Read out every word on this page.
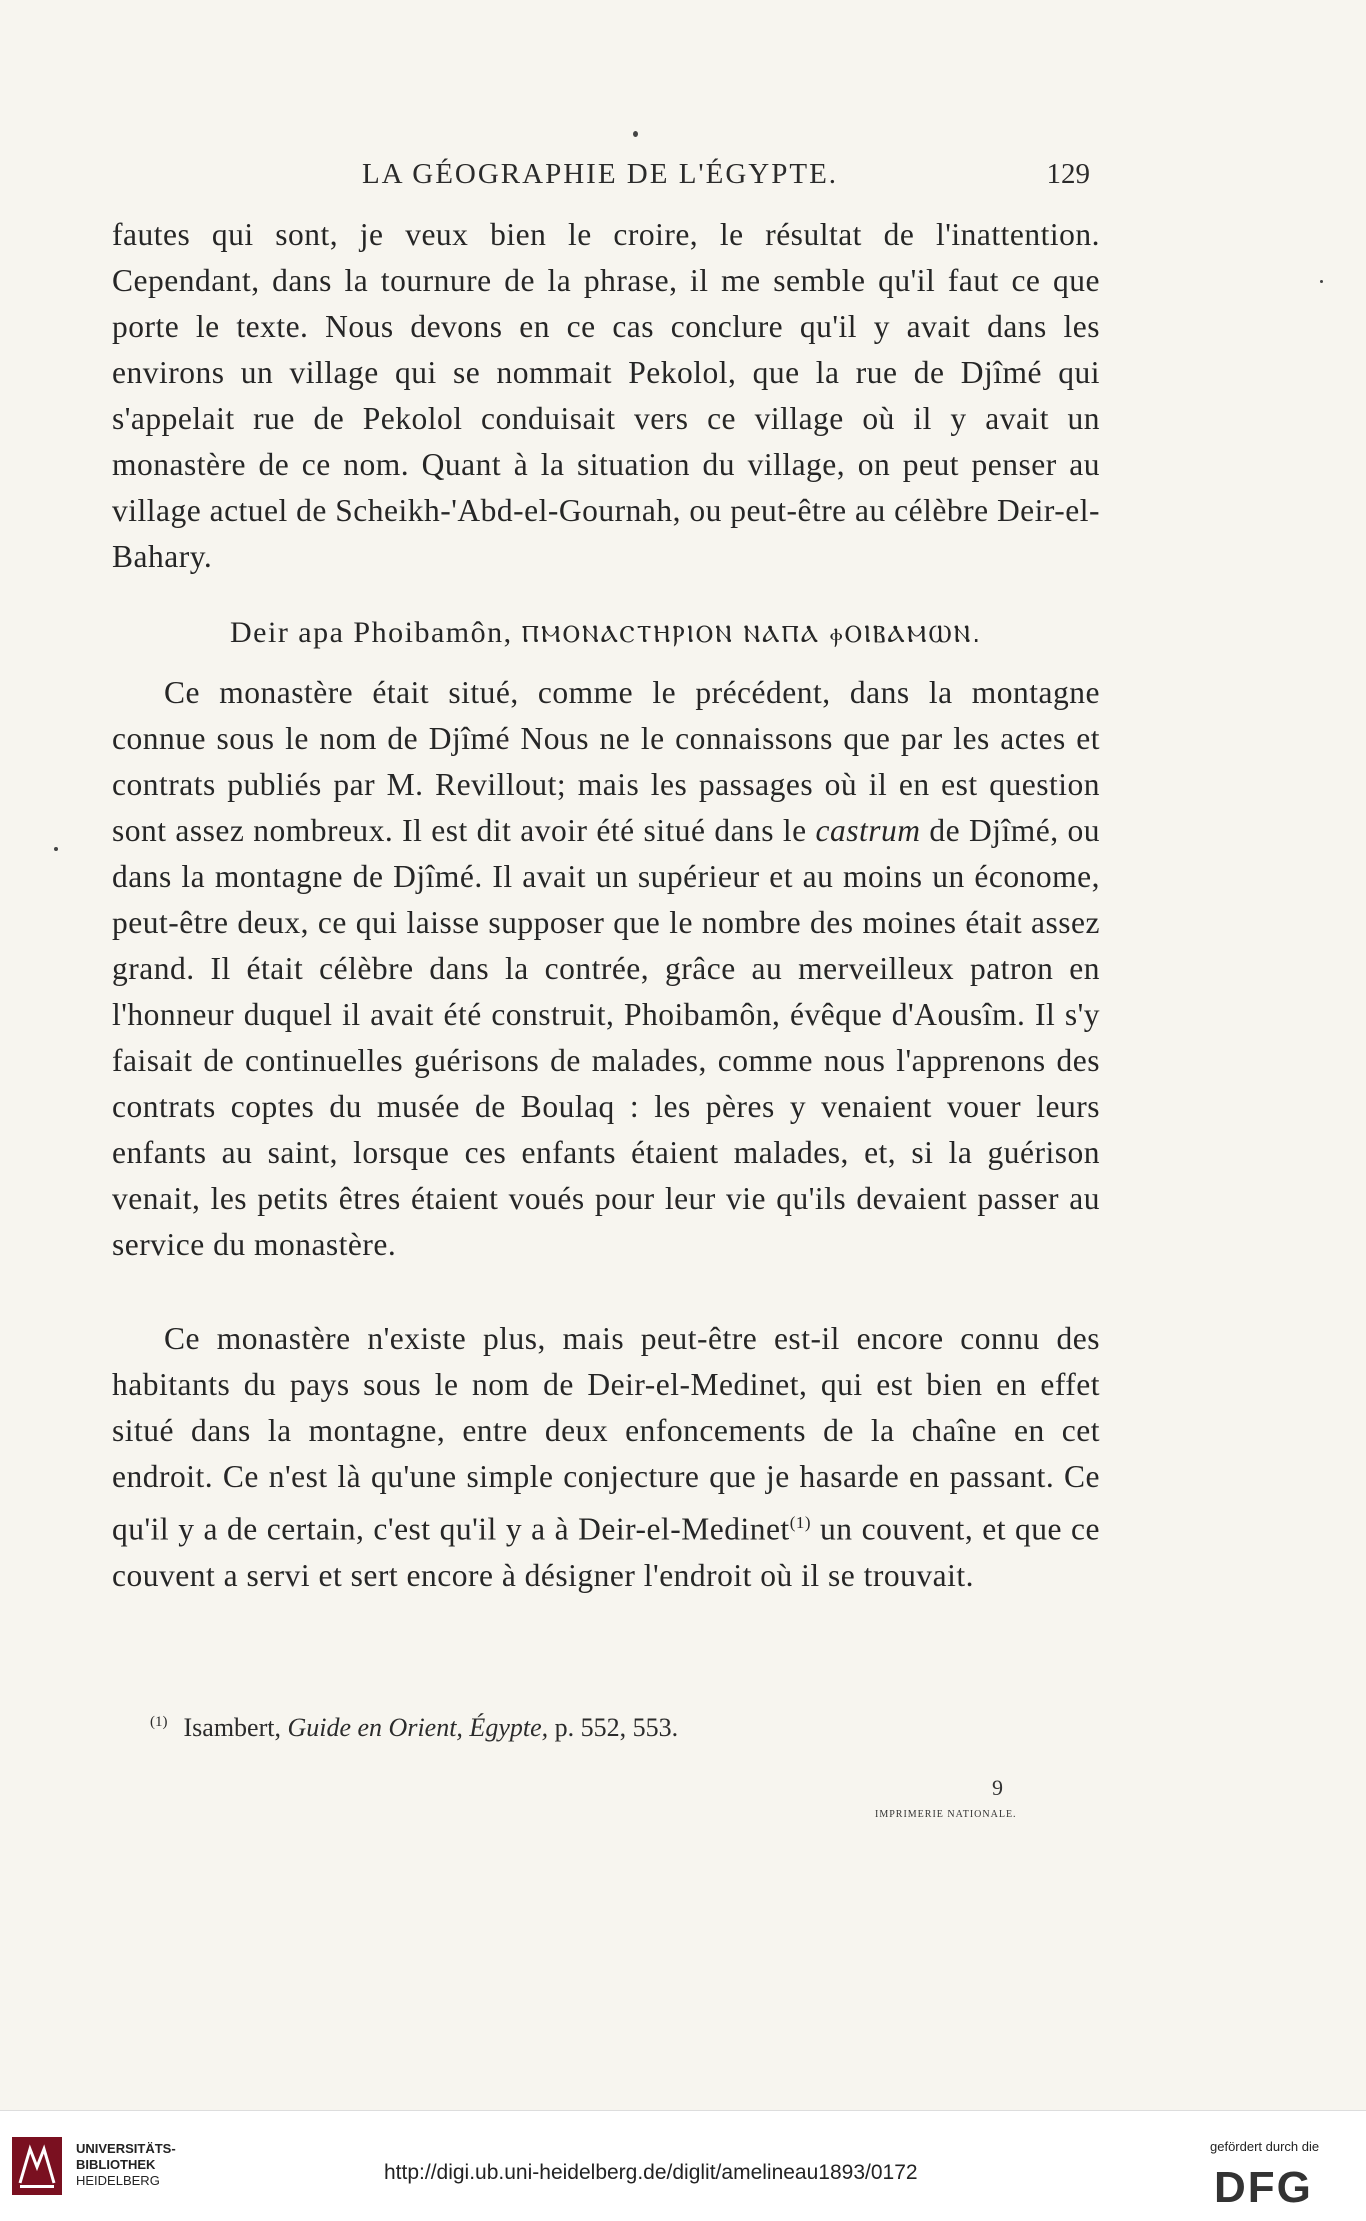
LA GÉOGRAPHIE DE L'ÉGYPTE.	129

fautes qui sont, je veux bien le croire, le résultat de l'inattention. Cependant, dans la tournure de la phrase, il me semble qu'il faut ce que porte le texte. Nous devons en ce cas conclure qu'il y avait dans les environs un village qui se nommait Pekolol, que la rue de Djîmé qui s'appelait rue de Pekolol conduisait vers ce village où il y avait un monastère de ce nom. Quant à la situation du village, on peut penser au village actuel de Scheikh-'Abd-el-Gournah, ou peut-être au célèbre Deir-el-Bahary.

Deir apa Phoibamôn, ⲠⲘⲞⲚⲀⲤⲦⲎⲢⲒⲞⲚ ⲚⲀⲠⲀ ⲫⲞⲒⲂⲀⲘⲰⲚ.

Ce monastère était situé, comme le précédent, dans la montagne connue sous le nom de Djîmé Nous ne le connaissons que par les actes et contrats publiés par M. Revillout; mais les passages où il en est question sont assez nombreux. Il est dit avoir été situé dans le castrum de Djîmé, ou dans la montagne de Djîmé. Il avait un supérieur et au moins un économe, peut-être deux, ce qui laisse supposer que le nombre des moines était assez grand. Il était célèbre dans la contrée, grâce au merveilleux patron en l'honneur duquel il avait été construit, Phoibamôn, évêque d'Aousîm. Il s'y faisait de continuelles guérisons de malades, comme nous l'apprenons des contrats coptes du musée de Boulaq : les pères y venaient vouer leurs enfants au saint, lorsque ces enfants étaient malades, et, si la guérison venait, les petits êtres étaient voués pour leur vie qu'ils devaient passer au service du monastère.

Ce monastère n'existe plus, mais peut-être est-il encore connu des habitants du pays sous le nom de Deir-el-Medinet, qui est bien en effet situé dans la montagne, entre deux enfoncements de la chaîne en cet endroit. Ce n'est là qu'une simple conjecture que je hasarde en passant. Ce qu'il y a de certain, c'est qu'il y a à Deir-el-Medinet$^{(1)}$ un couvent, et que ce couvent a servi et sert encore à désigner l'endroit où il se trouvait.

$^{(1)}$ Isambert, Guide en Orient, Égypte, p. 552, 553.
9
IMPRIMERIE NATIONALE.
UNIVERSITÄTS-
BIBLIOTHEK
HEIDELBERG	http://digi.ub.uni-heidelberg.de/diglit/amelineau1893/0172
gefördert durch die
DFG
